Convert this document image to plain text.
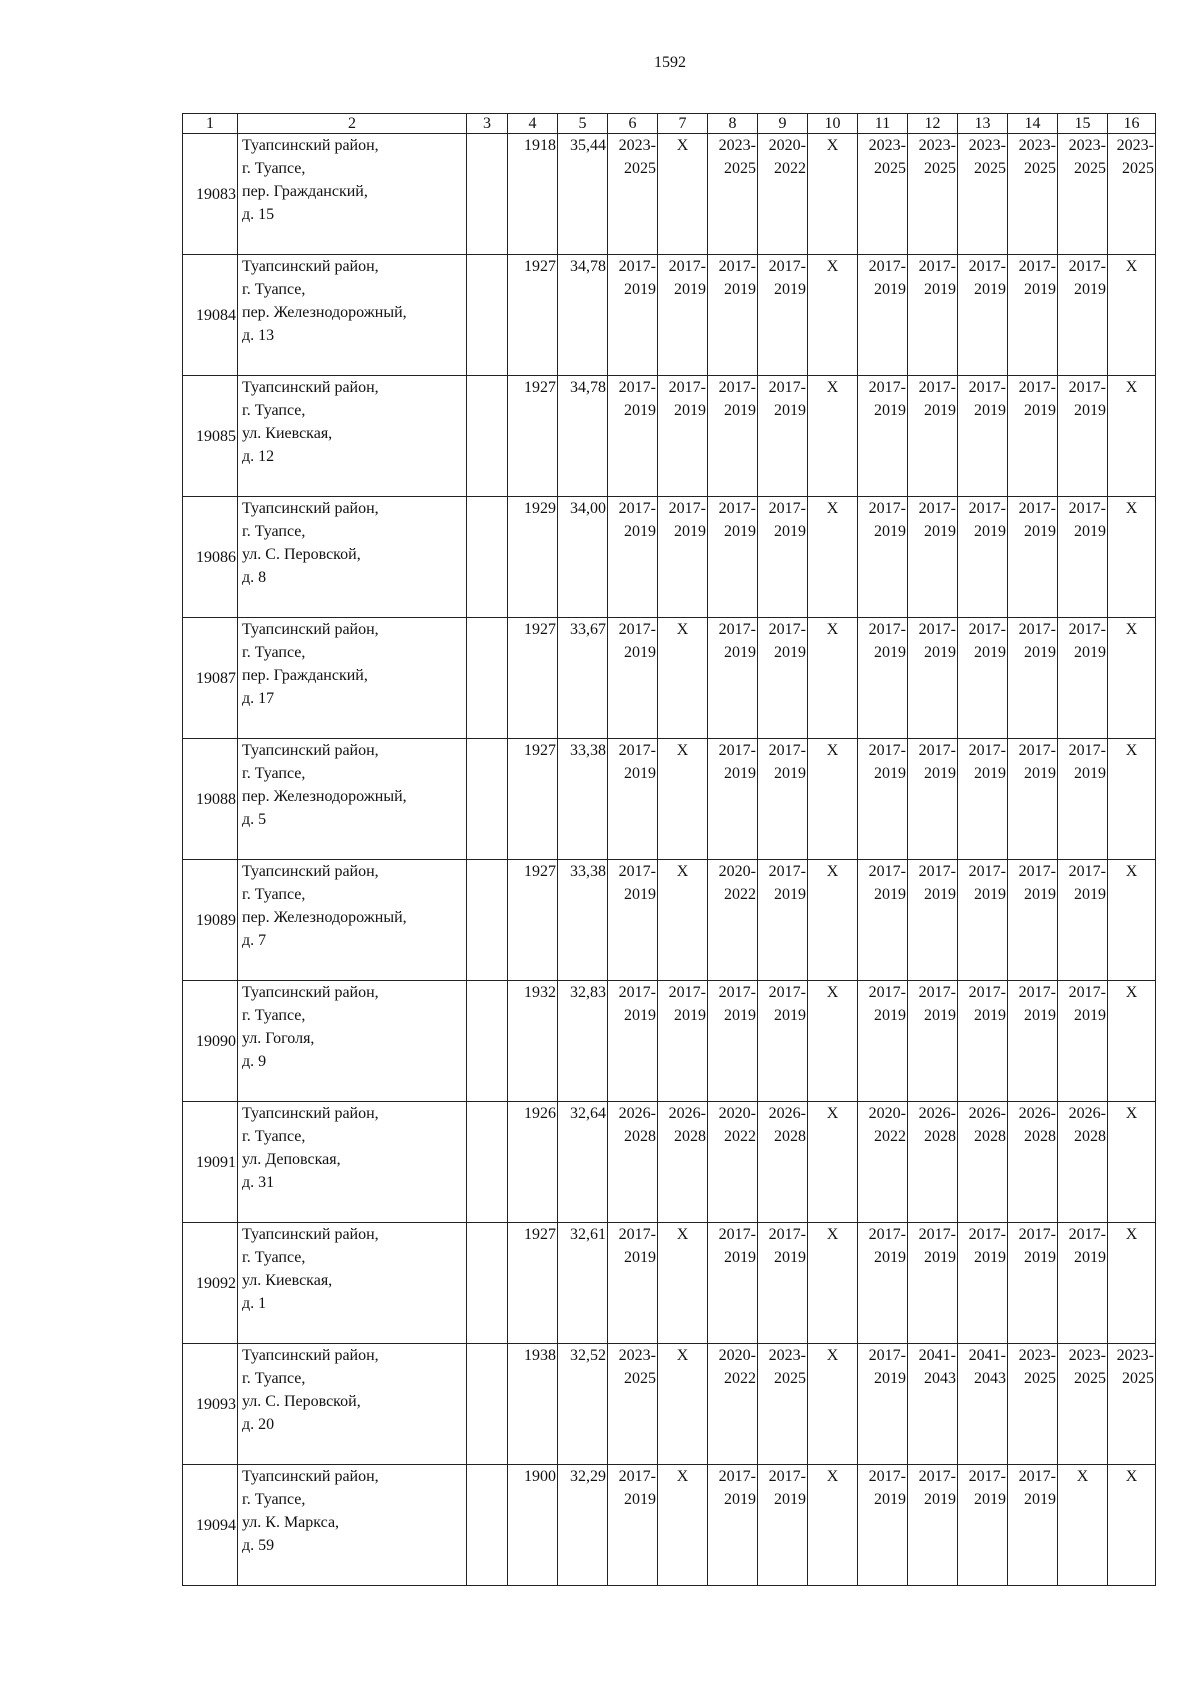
1592
1	2	3	4	5	6	7	8	9	10	11	12	13	14	15	16
19083	Туапсинский район,
г. Туапсе,
пер. Гражданский,
д. 15		1918	35,44	2023-
2025	X	2023-
2025	2020-
2022	X	2023-
2025	2023-
2025	2023-
2025	2023-
2025	2023-
2025	2023-
2025
19084	Туапсинский район,
г. Туапсе,
пер. Железнодорожный,
д. 13		1927	34,78	2017-
2019	2017-
2019	2017-
2019	2017-
2019	X	2017-
2019	2017-
2019	2017-
2019	2017-
2019	2017-
2019	X
19085	Туапсинский район,
г. Туапсе,
ул. Киевская,
д. 12		1927	34,78	2017-
2019	2017-
2019	2017-
2019	2017-
2019	X	2017-
2019	2017-
2019	2017-
2019	2017-
2019	2017-
2019	X
19086	Туапсинский район,
г. Туапсе,
ул. С. Перовской,
д. 8		1929	34,00	2017-
2019	2017-
2019	2017-
2019	2017-
2019	X	2017-
2019	2017-
2019	2017-
2019	2017-
2019	2017-
2019	X
19087	Туапсинский район,
г. Туапсе,
пер. Гражданский,
д. 17		1927	33,67	2017-
2019	X	2017-
2019	2017-
2019	X	2017-
2019	2017-
2019	2017-
2019	2017-
2019	2017-
2019	X
19088	Туапсинский район,
г. Туапсе,
пер. Железнодорожный,
д. 5		1927	33,38	2017-
2019	X	2017-
2019	2017-
2019	X	2017-
2019	2017-
2019	2017-
2019	2017-
2019	2017-
2019	X
19089	Туапсинский район,
г. Туапсе,
пер. Железнодорожный,
д. 7		1927	33,38	2017-
2019	X	2020-
2022	2017-
2019	X	2017-
2019	2017-
2019	2017-
2019	2017-
2019	2017-
2019	X
19090	Туапсинский район,
г. Туапсе,
ул. Гоголя,
д. 9		1932	32,83	2017-
2019	2017-
2019	2017-
2019	2017-
2019	X	2017-
2019	2017-
2019	2017-
2019	2017-
2019	2017-
2019	X
19091	Туапсинский район,
г. Туапсе,
ул. Деповская,
д. 31		1926	32,64	2026-
2028	2026-
2028	2020-
2022	2026-
2028	X	2020-
2022	2026-
2028	2026-
2028	2026-
2028	2026-
2028	X
19092	Туапсинский район,
г. Туапсе,
ул. Киевская,
д. 1		1927	32,61	2017-
2019	X	2017-
2019	2017-
2019	X	2017-
2019	2017-
2019	2017-
2019	2017-
2019	2017-
2019	X
19093	Туапсинский район,
г. Туапсе,
ул. С. Перовской,
д. 20		1938	32,52	2023-
2025	X	2020-
2022	2023-
2025	X	2017-
2019	2041-
2043	2041-
2043	2023-
2025	2023-
2025	2023-
2025
19094	Туапсинский район,
г. Туапсе,
ул. К. Маркса,
д. 59		1900	32,29	2017-
2019	X	2017-
2019	2017-
2019	X	2017-
2019	2017-
2019	2017-
2019	2017-
2019	X	X
